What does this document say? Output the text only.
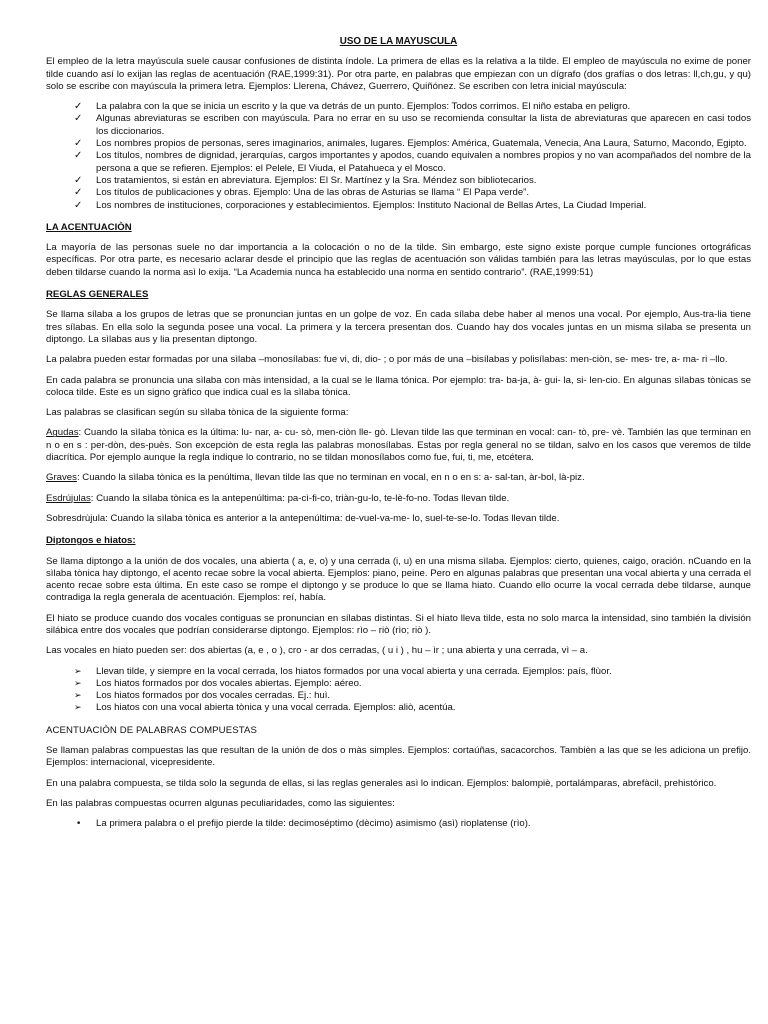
USO DE LA MAYUSCULA

El empleo de la letra mayúscula suele causar confusiones de distinta índole. La primera de ellas es la relativa a la tilde. El empleo de mayúscula no exime de poner tilde cuando así lo exijan las reglas de acentuación (RAE,1999:31). Por otra parte, en palabras que empiezan con un dígrafo (dos grafías o dos letras: ll,ch,gu, y qu) solo se escribe con mayúscula la primera letra. Ejemplos: Llerena, Chávez, Guerrero, Quiñónez. Se escriben con letra inicial mayúscula:

✓ La palabra con la que se inicia un escrito y la que va detrás de un punto. Ejemplos: Todos corrimos. El niño estaba en peligro.
✓ Algunas abreviaturas se escriben con mayúscula. Para no errar en su uso se recomienda consultar la lista de abreviaturas que aparecen en casi todos los diccionarios.
✓ Los nombres propios de personas, seres imaginarios, animales, lugares. Ejemplos: América, Guatemala, Venecia, Ana Laura, Saturno, Macondo, Egipto.
✓ Los títulos, nombres de dignidad, jerarquías, cargos importantes y apodos, cuando equivalen a nombres propios y no van acompañados del nombre de la persona a que se refieren. Ejemplos: el Pelele, El Viuda, el Patahueca y el Mosco.
✓ Los tratamientos, si están en abreviatura. Ejemplos: El Sr. Martínez y la Sra. Méndez son bibliotecarios.
✓ Los títulos de publicaciones y obras. Ejemplo: Una de las obras de Asturias se llama “ El Papa verde”.
✓ Los nombres de instituciones, corporaciones y establecimientos. Ejemplos: Instituto Nacional de Bellas Artes, La Ciudad Imperial.
LA ACENTUACIÒN

La mayoría de las personas suele no dar importancia a la colocación o no de la tilde. Sin embargo, este signo existe porque cumple funciones ortográficas específicas. Por otra parte, es necesario aclarar desde el principio que las reglas de acentuación son válidas también para las letras mayúsculas, por lo que estas deben tildarse cuando la norma asì lo exija. “La Academia nunca ha establecido una norma en sentido contrario”. (RAE,1999:51)

REGLAS GENERALES

Se llama sílaba a los grupos de letras que se pronuncian juntas en un golpe de voz. En cada sílaba debe haber al menos una vocal. Por ejemplo, Aus-tra-lia tiene tres sílabas. En ella solo la segunda posee una vocal. La primera y la tercera presentan dos. Cuando hay dos vocales juntas en un misma sìlaba se presenta un diptongo. La sìlabas aus y lia presentan diptongo.

La palabra pueden estar formadas por una sìlaba –monosílabas: fue vi, di, dio- ; o por más de una –bisílabas y polisílabas: men-ciòn, se- mes- tre, a- ma- ri –llo.

En cada palabra se pronuncia una sìlaba con màs intensidad, a la cual se le llama tónica. Por ejemplo: tra- ba-ja, à- gui- la, si- len-cio. En algunas sìlabas tònicas se coloca tilde. Este es un signo gràfico que indica cual es la sìlaba tònica.

Las palabras se clasifican según su sìlaba tònica de la siguiente forma:

Agudas: Cuando la sìlaba tònica es la última: lu- nar, a- cu- sò, men-ciòn lle- gò. Llevan tilde las que terminan en vocal: can- tò, pre- vè. También las que terminan en n o en s : per-dòn, des-puès. Son excepciòn de esta regla las palabras monosílabas. Estas por regla general no se tildan, salvo en los casos que veremos de tilde diacrítica. Por ejemplo aunque la regla indique lo contrario, no se tildan monosílabos como fue, fui, ti, me, etcétera.

Graves: Cuando la sìlaba tònica es la penúltima, llevan tilde las que no terminan en vocal, en n o en s: a- sal-tan, àr-bol, là-piz.

Esdrújulas: Cuando la sìlaba tònica es la antepenúltima: pa-cì-fi-co, triàn-gu-lo, te-lè-fo-no. Todas llevan tilde.

Sobresdrùjula: Cuando la sìlaba tònica es anterior a la antepenúltima: de-vuel-va-me- lo, suel-te-se-lo. Todas llevan tilde.

Diptongos e hiatos:

Se llama diptongo a la unión de dos vocales, una abierta ( a, e, o) y una cerrada (i, u) en una misma sìlaba. Ejemplos: cierto, quienes, caigo, oración. nCuando en la sìlaba tònica hay diptongo, el acento recae sobre la vocal abierta. Ejemplos: piano, peine. Pero en algunas palabras que presentan una vocal abierta y una cerrada el acento recae sobre esta última. En este caso se rompe el diptongo y se produce lo que se llama hiato. Cuando ello ocurre la vocal cerrada debe tildarse, aunque contradiga la regla generala de acentuación. Ejemplos: reí, había.

El hiato se produce cuando dos vocales contiguas se pronuncian en sílabas distintas. Si el hiato lleva tilde, esta no solo marca la intensidad, sino también la división silábica entre dos vocales que podrían considerarse diptongo. Ejemplos: rìo – riò (rìo; riò ).

Las vocales en hiato pueden ser: dos abiertas (a, e , o ), cro - ar dos cerradas, ( u i ) , hu – ìr ; una abierta y una cerrada, vì – a.

➢ Llevan tilde, y siempre en la vocal cerrada, los hiatos formados por una vocal abierta y una cerrada. Ejemplos: país, flùor.
➢ Los hiatos formados por dos vocales abiertas. Ejemplo: aéreo.
➢ Los hiatos formados por dos vocales cerradas. Ej.: huì.
➢ Los hiatos con una vocal abierta tònica y una vocal cerrada. Ejemplos: aliò, acentúa.
ACENTUACIÒN DE PALABRAS COMPUESTAS

Se llaman palabras compuestas las que resultan de la unión de dos o màs simples. Ejemplos: cortaúñas, sacacorchos. Tambièn a las que se les adiciona un prefijo. Ejemplos: internacional, vicepresidente.

En una palabra compuesta, se tilda solo la segunda de ellas, si las reglas generales asì lo indican. Ejemplos: balompiè, portalámparas, abrefàcil, prehistórico.

En las palabras compuestas ocurren algunas peculiaridades, como las siguientes:

• La primera palabra o el prefijo pierde la tilde: decimoséptimo (dècimo) asimismo (asì) rioplatense (rìo).
